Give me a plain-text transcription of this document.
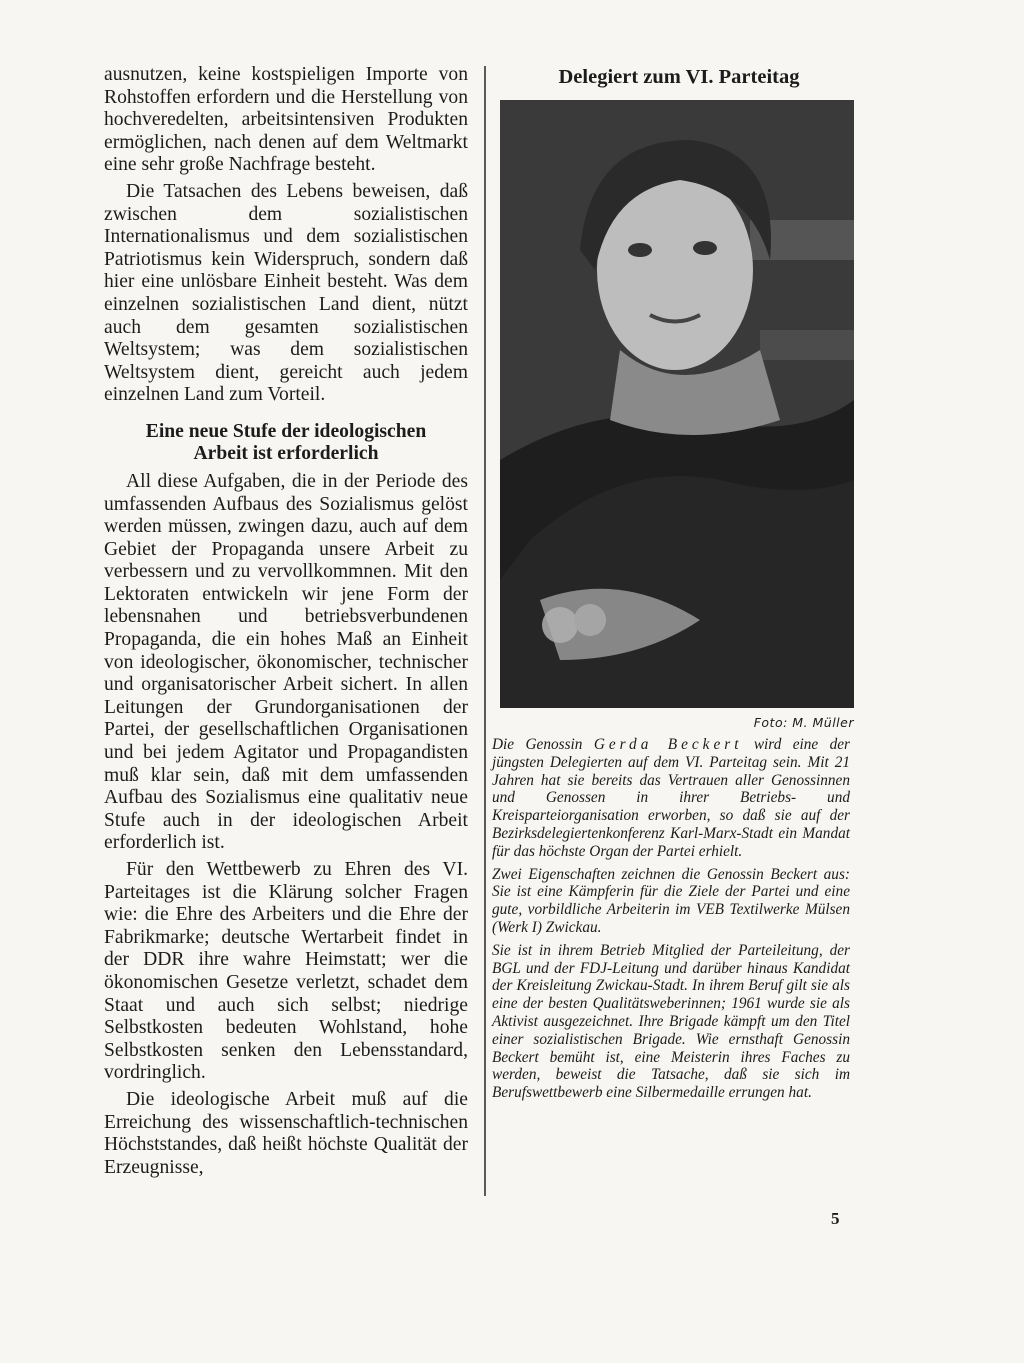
ausnutzen, keine kostspieligen Importe von Rohstoffen erfordern und die Herstellung von hochveredelten, arbeitsintensiven Produkten ermöglichen, nach denen auf dem Weltmarkt eine sehr große Nachfrage besteht.

Die Tatsachen des Lebens beweisen, daß zwischen dem sozialistischen Internationalismus und dem sozialistischen Patriotismus kein Widerspruch, sondern daß hier eine unlösbare Einheit besteht. Was dem einzelnen sozialistischen Land dient, nützt auch dem gesamten sozialistischen Weltsystem; was dem sozialistischen Weltsystem dient, gereicht auch jedem einzelnen Land zum Vorteil.

Eine neue Stufe der ideologischen
Arbeit ist erforderlich

All diese Aufgaben, die in der Periode des umfassenden Aufbaus des Sozialismus gelöst werden müssen, zwingen dazu, auch auf dem Gebiet der Propaganda unsere Arbeit zu verbessern und zu vervollkommnen. Mit den Lektoraten entwickeln wir jene Form der lebensnahen und betriebsverbundenen Propaganda, die ein hohes Maß an Einheit von ideologischer, ökonomischer, technischer und organisatorischer Arbeit sichert. In allen Leitungen der Grundorganisationen der Partei, der gesellschaftlichen Organisationen und bei jedem Agitator und Propagandisten muß klar sein, daß mit dem umfassenden Aufbau des Sozialismus eine qualitativ neue Stufe auch in der ideologischen Arbeit erforderlich ist.

Für den Wettbewerb zu Ehren des VI. Parteitages ist die Klärung solcher Fragen wie: die Ehre des Arbeiters und die Ehre der Fabrikmarke; deutsche Wertarbeit findet in der DDR ihre wahre Heimstatt; wer die ökonomischen Gesetze verletzt, schadet dem Staat und auch sich selbst; niedrige Selbstkosten bedeuten Wohlstand, hohe Selbstkosten senken den Lebensstandard, vordringlich.

Die ideologische Arbeit muß auf die Erreichung des wissenschaftlich-technischen Höchststandes, daß heißt höchste Qualität der Erzeugnisse,

Delegiert zum VI. Parteitag
Foto: M. Müller

Die Genossin Gerda Beckert wird eine der jüngsten Delegierten auf dem VI. Parteitag sein. Mit 21 Jahren hat sie bereits das Vertrauen aller Genossinnen und Genossen in ihrer Betriebs- und Kreisparteiorganisation erworben, so daß sie auf der Bezirksdelegiertenkonferenz Karl-Marx-Stadt ein Mandat für das höchste Organ der Partei erhielt.

Zwei Eigenschaften zeichnen die Genossin Beckert aus: Sie ist eine Kämpferin für die Ziele der Partei und eine gute, vorbildliche Arbeiterin im VEB Textilwerke Mülsen (Werk I) Zwickau.

Sie ist in ihrem Betrieb Mitglied der Parteileitung, der BGL und der FDJ-Leitung und darüber hinaus Kandidat der Kreisleitung Zwickau-Stadt. In ihrem Beruf gilt sie als eine der besten Qualitätsweberinnen; 1961 wurde sie als Aktivist ausgezeichnet. Ihre Brigade kämpft um den Titel einer sozialistischen Brigade. Wie ernsthaft Genossin Beckert bemüht ist, eine Meisterin ihres Faches zu werden, beweist die Tatsache, daß sie sich im Berufswettbewerb eine Silbermedaille errungen hat.

5
